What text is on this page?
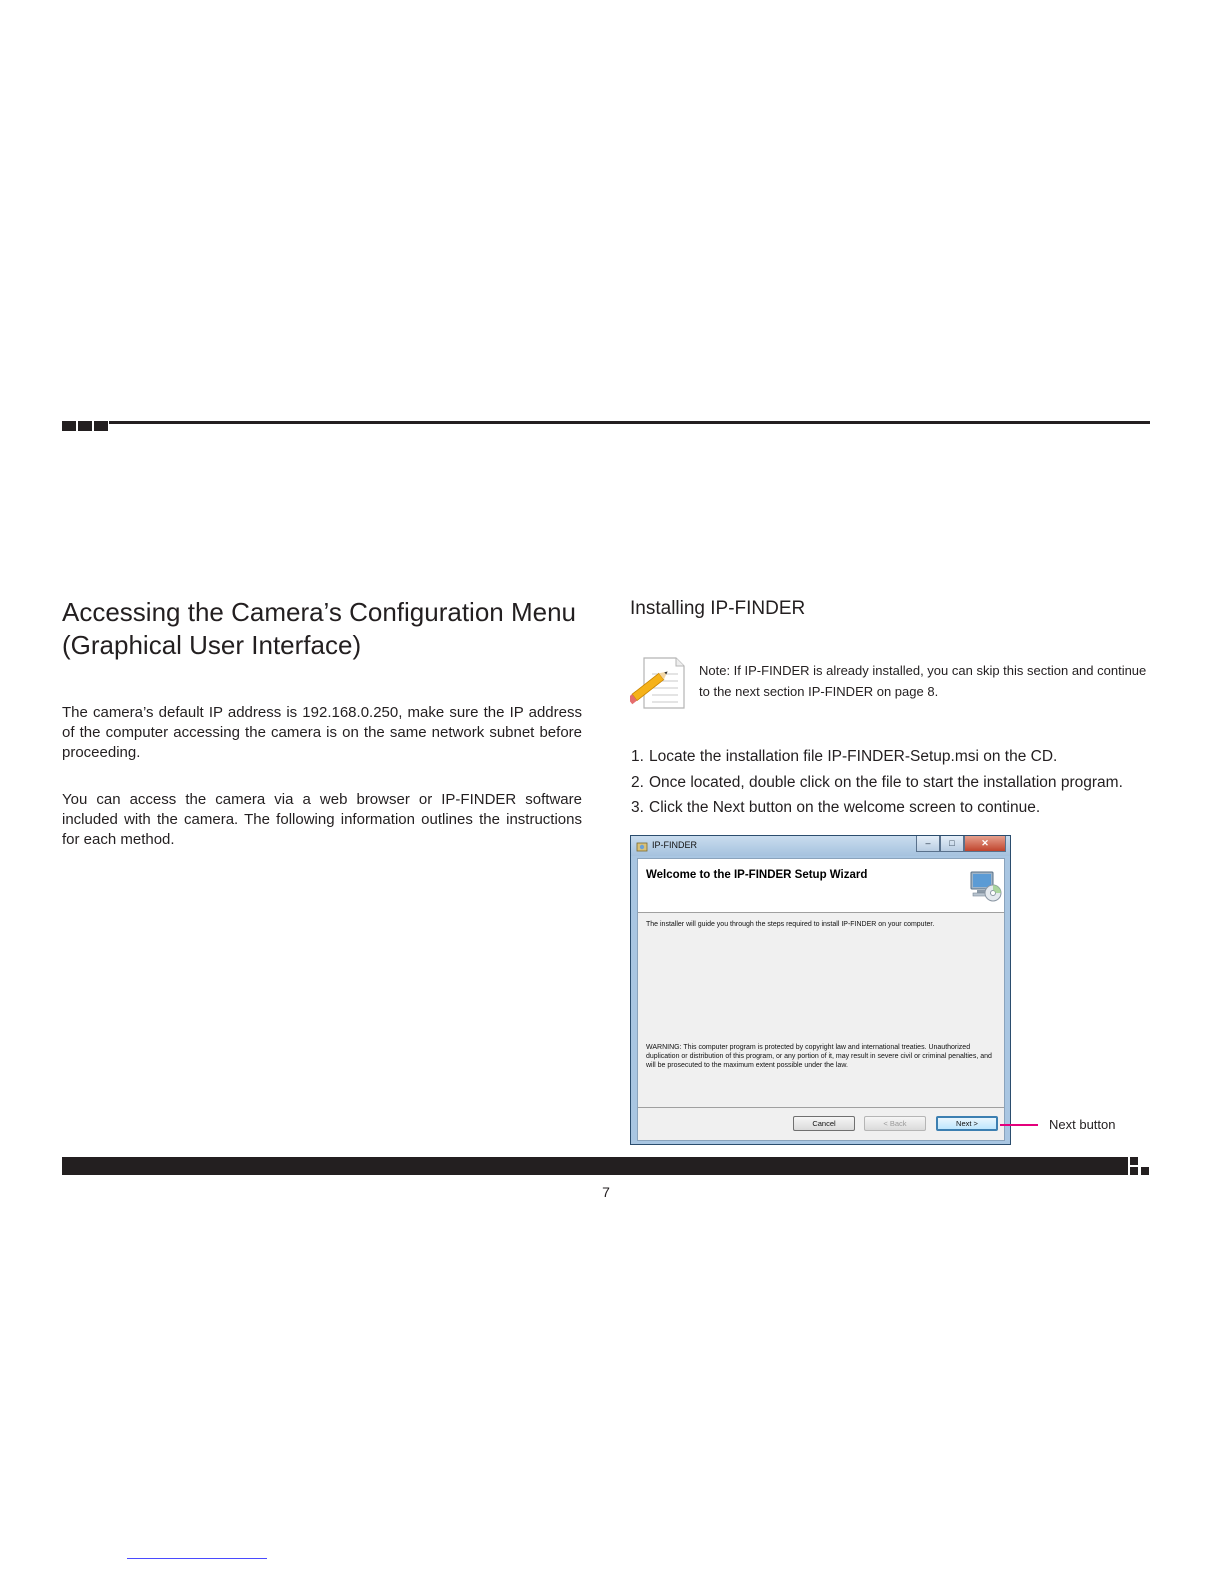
Accessing the Camera’s Configuration Menu (Graphical User Interface)

The camera’s default IP address is 192.168.0.250, make sure the IP address of the computer accessing the camera is on the same network subnet before proceeding.

You can access the camera via a web browser or IP-FINDER software included with the camera. The following information outlines the instructions for each method.

Installing IP-FINDER
Note: If IP-FINDER is already installed, you can skip this section and continue to the next section IP-FINDER on page 8.
1. Locate the installation file IP-FINDER-Setup.msi on the CD.
2. Once located, double click on the file to start the installation program.
3. Click the Next button on the welcome screen to continue.
IP-FINDER	–	□	✕
Welcome to the IP-FINDER Setup Wizard
The installer will guide you through the steps required to install IP-FINDER on your computer.
WARNING: This computer program is protected by copyright law and international treaties. Unauthorized duplication or distribution of this program, or any portion of it, may result in severe civil or criminal penalties, and will be prosecuted to the maximum extent possible under the law.
Cancel	< Back	Next >	Next button
7
